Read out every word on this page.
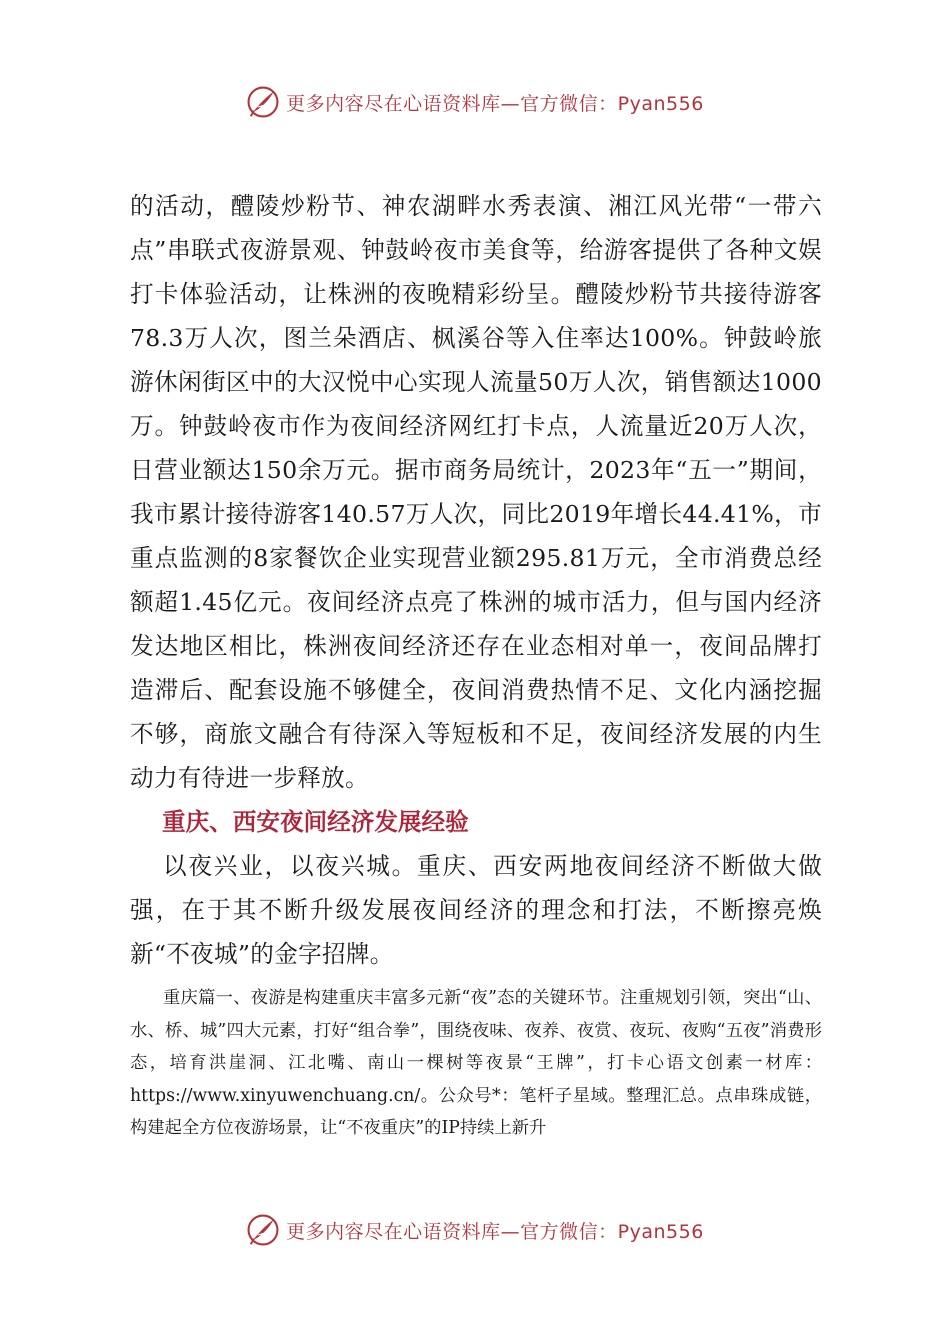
更多内容尽在心语资料库—官方微信：Pyan556

的活动，醴陵炒粉节、神农湖畔水秀表演、湘江风光带“一带六点”串联式夜游景观、钟鼓岭夜市美食等，给游客提供了各种文娱打卡体验活动，让株洲的夜晚精彩纷呈。醴陵炒粉节共接待游客78.3万人次，图兰朵酒店、枫溪谷等入住率达100%。钟鼓岭旅游休闲街区中的大汉悦中心实现人流量50万人次，销售额达1000万。钟鼓岭夜市作为夜间经济网红打卡点，人流量近20万人次，日营业额达150余万元。据市商务局统计，2023年“五一”期间，我市累计接待游客140.57万人次，同比2019年增长44.41%，市重点监测的8家餐饮企业实现营业额295.81万元，全市消费总经额超1.45亿元。夜间经济点亮了株洲的城市活力，但与国内经济发达地区相比，株洲夜间经济还存在业态相对单一，夜间品牌打造滞后、配套设施不够健全，夜间消费热情不足、文化内涵挖掘不够，商旅文融合有待深入等短板和不足，夜间经济发展的内生动力有待进一步释放。

重庆、西安夜间经济发展经验

以夜兴业，以夜兴城。重庆、西安两地夜间经济不断做大做强，在于其不断升级发展夜间经济的理念和打法，不断擦亮焕新“不夜城”的金字招牌。

重庆篇一、夜游是构建重庆丰富多元新“夜”态的关键环节。注重规划引领，突出“山、水、桥、城”四大元素，打好“组合拳”，围绕夜味、夜养、夜赏、夜玩、夜购“五夜”消费形态，培育洪崖洞、江北嘴、南山一棵树等夜景“王牌”，打卡心语文创素一材库：https://www.xinyuwenchuang.cn/。公众号*：笔杆子星域。整理汇总。点串珠成链，构建起全方位夜游场景，让“不夜重庆”的IP持续上新升

更多内容尽在心语资料库—官方微信：Pyan556
